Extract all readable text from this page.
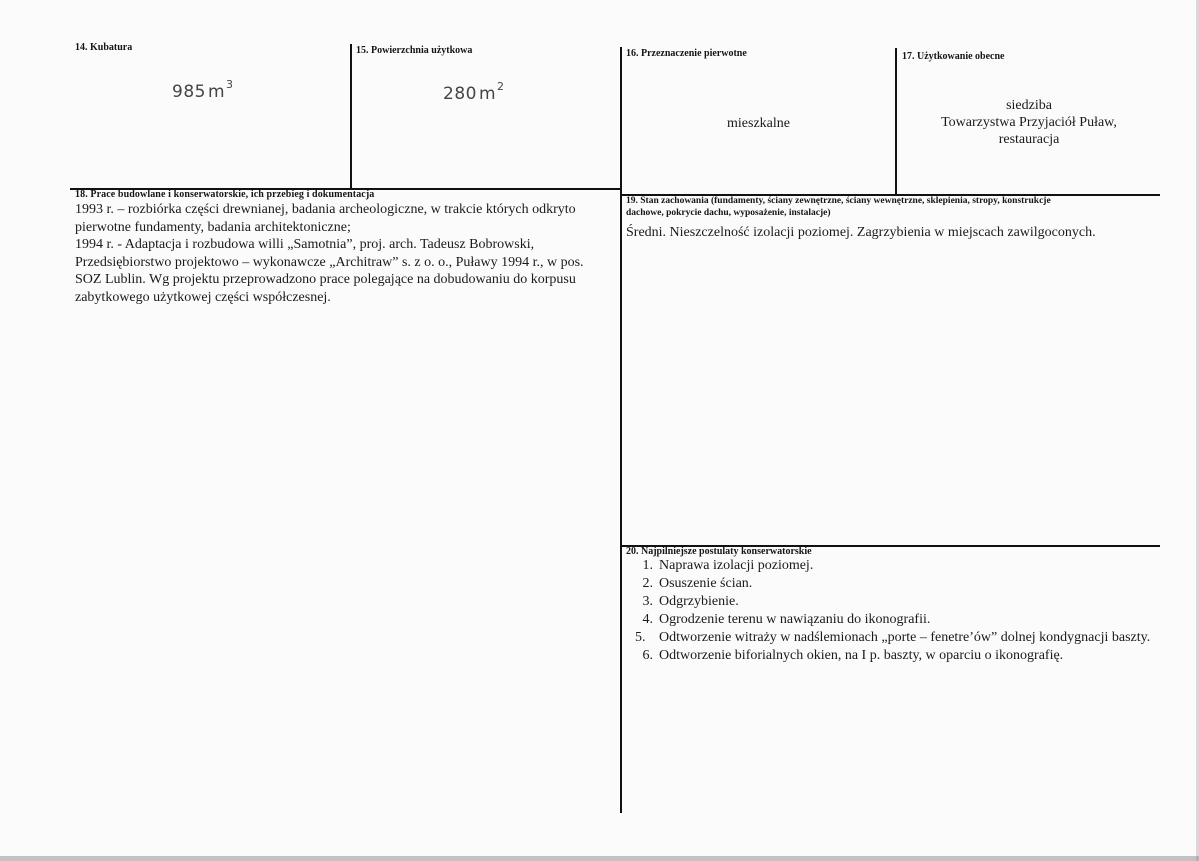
14. Kubatura
985 $m^3$
15. Powierzchnia użytkowa
280 $m^2$
16. Przeznaczenie pierwotne
mieszkalne
17. Użytkowanie obecne
siedziba
Towarzystwa Przyjaciół Puław,
restauracja
18. Prace budowlane i konserwatorskie, ich przebieg i dokumentacja

1993 r. – rozbiórka części drewnianej, badania archeologiczne, w trakcie których odkryto

pierwotne fundamenty, badania architektoniczne;

1994 r. - Adaptacja i rozbudowa willi „Samotnia”, proj. arch. Tadeusz Bobrowski,

Przedsiębiorstwo projektowo – wykonawcze „Architraw” s. z o. o., Puławy 1994 r., w pos.

SOZ Lublin. Wg projektu przeprowadzono prace polegające na dobudowaniu do korpusu

zabytkowego użytkowej części współczesnej.

19. Stan zachowania (fundamenty, ściany zewnętrzne, ściany wewnętrzne, sklepienia, stropy, konstrukcje
dachowe, pokrycie dachu, wyposażenie, instalacje)
Średni. Nieszczelność izolacji poziomej. Zagrzybienia w miejscach zawilgoconych.
20. Najpilniejsze postulaty konserwatorskie
1. Naprawa izolacji poziomej.
2. Osuszenie ścian.
3. Odgrzybienie.
4. Ogrodzenie terenu w nawiązaniu do ikonografii.
5. Odtworzenie witraży w nadślemionach „porte – fenetre’ów” dolnej kondygnacji baszty.
6. Odtworzenie biforialnych okien, na I p. baszty, w oparciu o ikonografię.
